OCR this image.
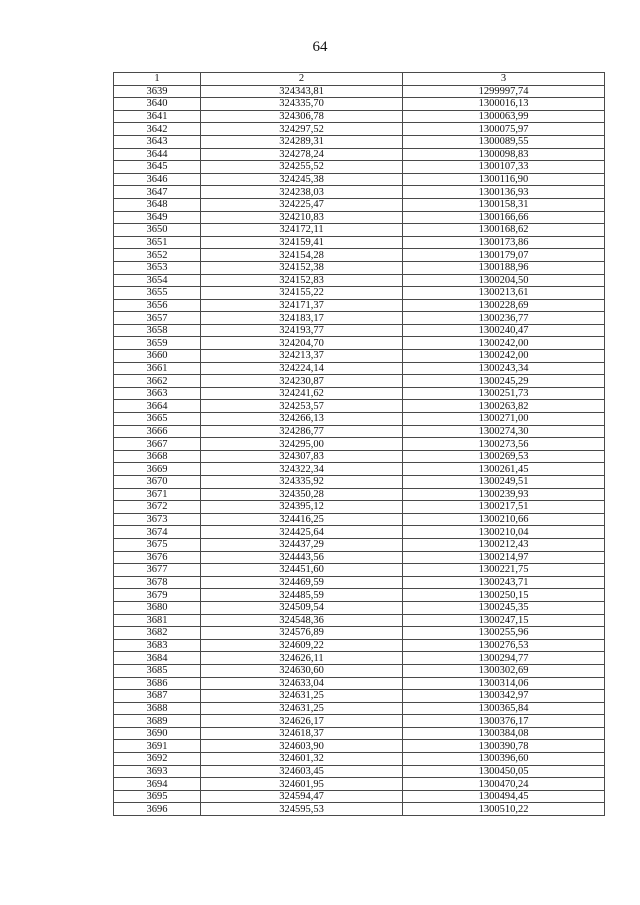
64
1	2	3
3639	324343,81	1299997,74
3640	324335,70	1300016,13
3641	324306,78	1300063,99
3642	324297,52	1300075,97
3643	324289,31	1300089,55
3644	324278,24	1300098,83
3645	324255,52	1300107,33
3646	324245,38	1300116,90
3647	324238,03	1300136,93
3648	324225,47	1300158,31
3649	324210,83	1300166,66
3650	324172,11	1300168,62
3651	324159,41	1300173,86
3652	324154,28	1300179,07
3653	324152,38	1300188,96
3654	324152,83	1300204,50
3655	324155,22	1300213,61
3656	324171,37	1300228,69
3657	324183,17	1300236,77
3658	324193,77	1300240,47
3659	324204,70	1300242,00
3660	324213,37	1300242,00
3661	324224,14	1300243,34
3662	324230,87	1300245,29
3663	324241,62	1300251,73
3664	324253,57	1300263,82
3665	324266,13	1300271,00
3666	324286,77	1300274,30
3667	324295,00	1300273,56
3668	324307,83	1300269,53
3669	324322,34	1300261,45
3670	324335,92	1300249,51
3671	324350,28	1300239,93
3672	324395,12	1300217,51
3673	324416,25	1300210,66
3674	324425,64	1300210,04
3675	324437,29	1300212,43
3676	324443,56	1300214,97
3677	324451,60	1300221,75
3678	324469,59	1300243,71
3679	324485,59	1300250,15
3680	324509,54	1300245,35
3681	324548,36	1300247,15
3682	324576,89	1300255,96
3683	324609,22	1300276,53
3684	324626,11	1300294,77
3685	324630,60	1300302,69
3686	324633,04	1300314,06
3687	324631,25	1300342,97
3688	324631,25	1300365,84
3689	324626,17	1300376,17
3690	324618,37	1300384,08
3691	324603,90	1300390,78
3692	324601,32	1300396,60
3693	324603,45	1300450,05
3694	324601,95	1300470,24
3695	324594,47	1300494,45
3696	324595,53	1300510,22
